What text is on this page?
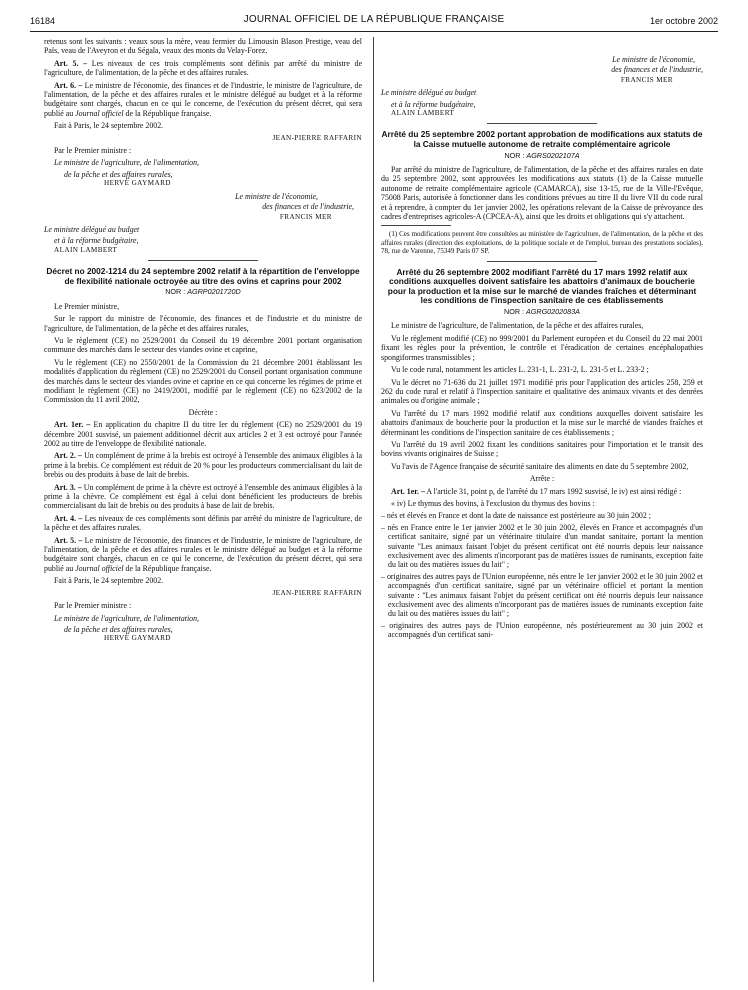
16184	JOURNAL OFFICIEL DE LA RÉPUBLIQUE FRANÇAISE	1er octobre 2002

retenus sont les suivants : veaux sous la mère, veau fermier du Limousin Blason Prestige, veau del Païs, veau de l'Aveyron et du Ségala, veaux des monts du Velay-Forez.

Art. 5. – Les niveaux de ces trois compléments sont définis par arrêté du ministre de l'agriculture, de l'alimentation, de la pêche et des affaires rurales.

Art. 6. – Le ministre de l'économie, des finances et de l'industrie, le ministre de l'agriculture, de l'alimentation, de la pêche et des affaires rurales et le ministre délégué au budget et à la réforme budgétaire sont chargés, chacun en ce qui le concerne, de l'exécution du présent décret, qui sera publié au Journal officiel de la République française.

Fait à Paris, le 24 septembre 2002.

JEAN-PIERRE RAFFARIN

Par le Premier ministre :

Le ministre de l'agriculture, de l'alimentation,

de la pêche et des affaires rurales,

HERVÉ GAYMARD

Le ministre de l'économie,

des finances et de l'industrie,

FRANCIS MER

Le ministre délégué au budget

et à la réforme budgétaire,

ALAIN LAMBERT

Décret no 2002-1214 du 24 septembre 2002 relatif à la répartition de l'enveloppe de flexibilité nationale octroyée au titre des ovins et caprins pour 2002

NOR : AGRP0201720D

Le Premier ministre,

Sur le rapport du ministre de l'économie, des finances et de l'industrie et du ministre de l'agriculture, de l'alimentation, de la pêche et des affaires rurales,

Vu le règlement (CE) no 2529/2001 du Conseil du 19 décembre 2001 portant organisation commune des marchés dans le secteur des viandes ovine et caprine,

Vu le règlement (CE) no 2550/2001 de la Commission du 21 décembre 2001 établissant les modalités d'application du règlement (CE) no 2529/2001 du Conseil portant organisation commune des marchés dans le secteur des viandes ovine et caprine en ce qui concerne les régimes de prime et modifiant le règlement (CE) no 2419/2001, modifié par le règlement (CE) no 623/2002 de la Commission du 11 avril 2002,

Décrète :

Art. 1er. – En application du chapitre II du titre Ier du règlement (CE) no 2529/2001 du 19 décembre 2001 susvisé, un paiement additionnel décrit aux articles 2 et 3 est octroyé pour l'année 2002 au titre de l'enveloppe de flexibilité nationale.

Art. 2. – Un complément de prime à la brebis est octroyé à l'ensemble des animaux éligibles à la prime à la brebis. Ce complément est réduit de 20 % pour les producteurs commercialisant du lait de brebis ou des produits à base de lait de brebis.

Art. 3. – Un complément de prime à la chèvre est octroyé à l'ensemble des animaux éligibles à la prime à la chèvre. Ce complément est égal à celui dont bénéficient les producteurs de brebis commercialisant du lait de brebis ou des produits à base de lait de brebis.

Art. 4. – Les niveaux de ces compléments sont définis par arrêté du ministre de l'agriculture, de la pêche et des affaires rurales.

Art. 5. – Le ministre de l'économie, des finances et de l'industrie, le ministre de l'agriculture, de l'alimentation, de la pêche et des affaires rurales et le ministre délégué au budget et à la réforme budgétaire sont chargés, chacun en ce qui le concerne, de l'exécution du présent décret, qui sera publié au Journal officiel de la République française.

Fait à Paris, le 24 septembre 2002.

JEAN-PIERRE RAFFARIN

Par le Premier ministre :

Le ministre de l'agriculture, de l'alimentation,

de la pêche et des affaires rurales,

HERVÉ GAYMARD

Le ministre de l'économie,

des finances et de l'industrie,

FRANCIS MER

Le ministre délégué au budget

et à la réforme budgétaire,

ALAIN LAMBERT

Arrêté du 25 septembre 2002 portant approbation de modifications aux statuts de la Caisse mutuelle autonome de retraite complémentaire agricole

NOR : AGRS0202107A

Par arrêté du ministre de l'agriculture, de l'alimentation, de la pêche et des affaires rurales en date du 25 septembre 2002, sont approuvées les modifications aux statuts (1) de la Caisse mutuelle autonome de retraite complémentaire agricole (CAMARCA), sise 13-15, rue de la Ville-l'Evêque, 75008 Paris, autorisée à fonctionner dans les conditions prévues au titre II du livre VII du code rural et à reprendre, à compter du 1er janvier 2002, les opérations relevant de la Caisse de prévoyance des cadres d'entreprises agricoles-A (CPCEA-A), ainsi que les droits et obligations qui s'y attachent.

(1) Ces modifications peuvent être consultées au ministère de l'agriculture, de l'alimentation, de la pêche et des affaires rurales (direction des exploitations, de la politique sociale et de l'emploi, bureau des prestations sociales), 78, rue de Varenne, 75349 Paris 07 SP.

Arrêté du 26 septembre 2002 modifiant l'arrêté du 17 mars 1992 relatif aux conditions auxquelles doivent satisfaire les abattoirs d'animaux de boucherie pour la production et la mise sur le marché de viandes fraîches et déterminant les conditions de l'inspection sanitaire de ces établissements

NOR : AGRG0202083A

Le ministre de l'agriculture, de l'alimentation, de la pêche et des affaires rurales,

Vu le règlement modifié (CE) no 999/2001 du Parlement européen et du Conseil du 22 mai 2001 fixant les règles pour la prévention, le contrôle et l'éradication de certaines encéphalopathies spongiformes transmissibles ;

Vu le code rural, notamment les articles L. 231-1, L. 231-2, L. 231-5 et L. 233-2 ;

Vu le décret no 71-636 du 21 juillet 1971 modifié pris pour l'application des articles 258, 259 et 262 du code rural et relatif à l'inspection sanitaire et qualitative des animaux vivants et des denrées animales ou d'origine animale ;

Vu l'arrêté du 17 mars 1992 modifié relatif aux conditions auxquelles doivent satisfaire les abattoirs d'animaux de boucherie pour la production et la mise sur le marché de viandes fraîches et déterminant les conditions de l'inspection sanitaire de ces établissements ;

Vu l'arrêté du 19 avril 2002 fixant les conditions sanitaires pour l'importation et le transit des bovins vivants originaires de Suisse ;

Vu l'avis de l'Agence française de sécurité sanitaire des aliments en date du 5 septembre 2002,

Arrête :

Art. 1er. – A l'article 31, point p, de l'arrêté du 17 mars 1992 susvisé, le iv) est ainsi rédigé :

« iv) Le thymus des bovins, à l'exclusion du thymus des bovins :

– nés et élevés en France et dont la date de naissance est postérieure au 30 juin 2002 ;

– nés en France entre le 1er janvier 2002 et le 30 juin 2002, élevés en France et accompagnés d'un certificat sanitaire, signé par un vétérinaire titulaire d'un mandat sanitaire, portant la mention suivante "Les animaux faisant l'objet du présent certificat ont été nourris depuis leur naissance exclusivement avec des aliments n'incorporant pas de matières issues de ruminants, exception faite du lait ou des matières issues du lait" ;

– originaires des autres pays de l'Union européenne, nés entre le 1er janvier 2002 et le 30 juin 2002 et accompagnés d'un certificat sanitaire, signé par un vétérinaire officiel et portant la mention suivante : "Les animaux faisant l'objet du présent certificat ont été nourris depuis leur naissance exclusivement avec des aliments n'incorporant pas de matières issues de ruminants exception faite du lait ou des matières issues du lait" ;

– originaires des autres pays de l'Union européenne, nés postérieurement au 30 juin 2002 et accompagnés d'un certificat sani-
